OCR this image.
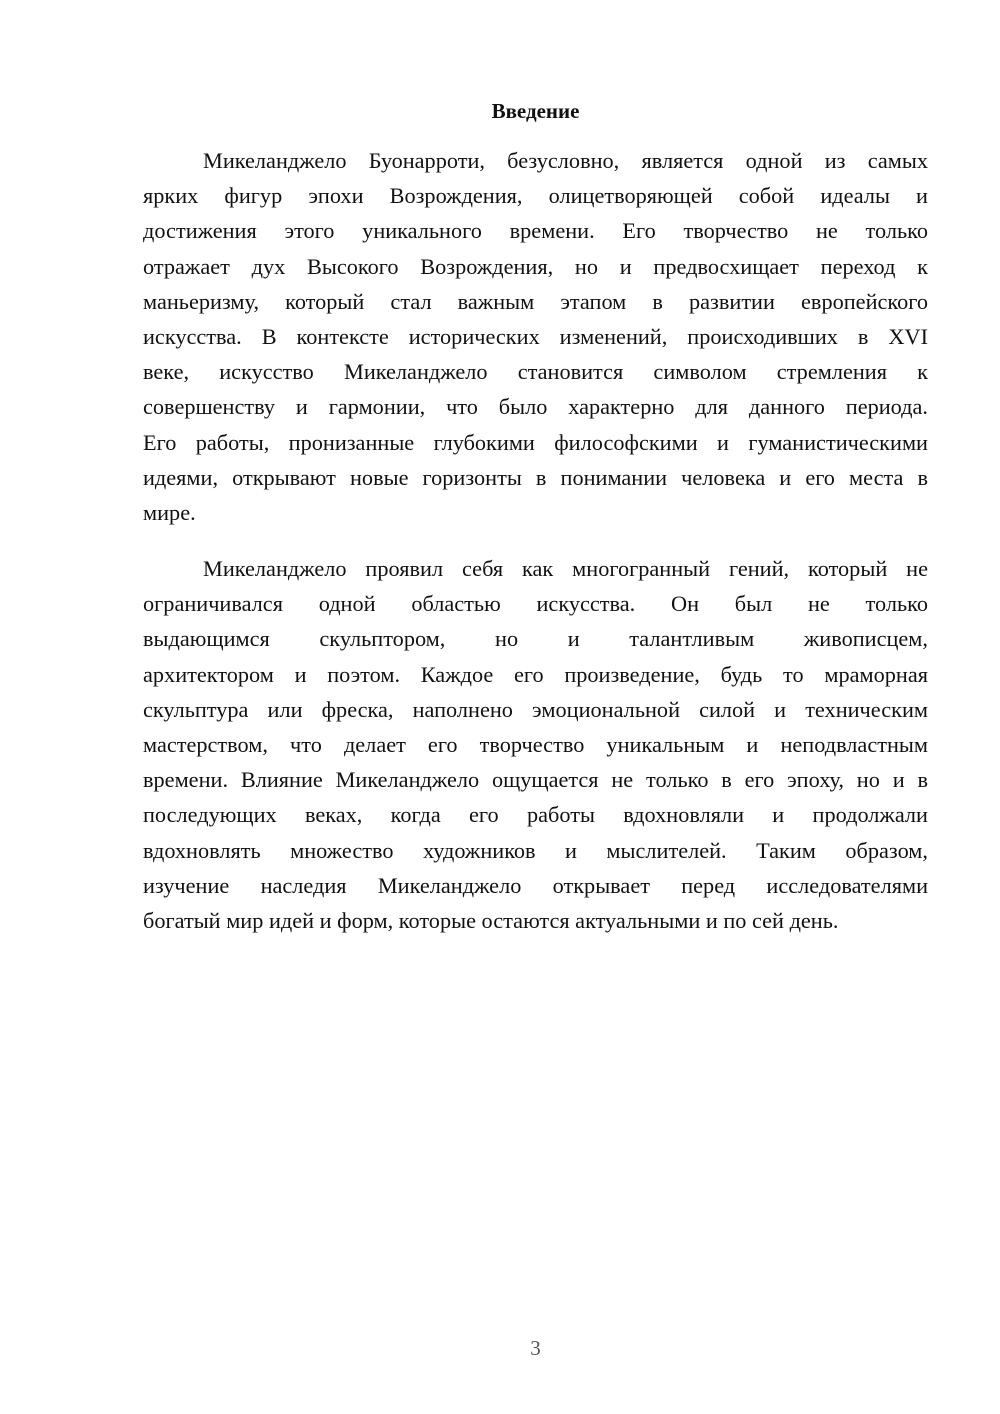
Введение
Микеланджело Буонарроти, безусловно, является одной из самых
ярких фигур эпохи Возрождения, олицетворяющей собой идеалы и
достижения этого уникального времени. Его творчество не только
отражает дух Высокого Возрождения, но и предвосхищает переход к
маньеризму, который стал важным этапом в развитии европейского
искусства. В контексте исторических изменений, происходивших в XVI
веке, искусство Микеланджело становится символом стремления к
совершенству и гармонии, что было характерно для данного периода.
Его работы, пронизанные глубокими философскими и гуманистическими
идеями, открывают новые горизонты в понимании человека и его места в
мире.
Микеланджело проявил себя как многогранный гений, который не
ограничивался одной областью искусства. Он был не только
выдающимся скульптором, но и талантливым живописцем,
архитектором и поэтом. Каждое его произведение, будь то мраморная
скульптура или фреска, наполнено эмоциональной силой и техническим
мастерством, что делает его творчество уникальным и неподвластным
времени. Влияние Микеланджело ощущается не только в его эпоху, но и в
последующих веках, когда его работы вдохновляли и продолжали
вдохновлять множество художников и мыслителей. Таким образом,
изучение наследия Микеланджело открывает перед исследователями
богатый мир идей и форм, которые остаются актуальными и по сей день.
3
